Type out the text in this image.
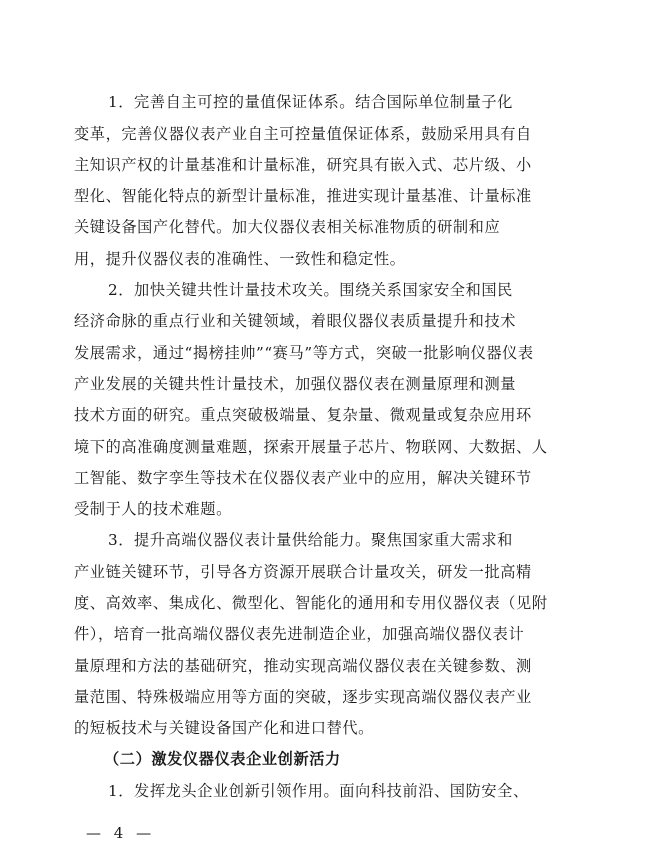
1．完善自主可控的量值保证体系。结合国际单位制量子化
变革，完善仪器仪表产业自主可控量值保证体系，鼓励采用具有自
主知识产权的计量基准和计量标准，研究具有嵌入式、芯片级、小
型化、智能化特点的新型计量标准，推进实现计量基准、计量标准
关键设备国产化替代。加大仪器仪表相关标准物质的研制和应
用，提升仪器仪表的准确性、一致性和稳定性。
2．加快关键共性计量技术攻关。围绕关系国家安全和国民
经济命脉的重点行业和关键领域，着眼仪器仪表质量提升和技术
发展需求，通过“揭榜挂帅”“赛马”等方式，突破一批影响仪器仪表
产业发展的关键共性计量技术，加强仪器仪表在测量原理和测量
技术方面的研究。重点突破极端量、复杂量、微观量或复杂应用环
境下的高准确度测量难题，探索开展量子芯片、物联网、大数据、人
工智能、数字孪生等技术在仪器仪表产业中的应用，解决关键环节
受制于人的技术难题。
3．提升高端仪器仪表计量供给能力。聚焦国家重大需求和
产业链关键环节，引导各方资源开展联合计量攻关，研发一批高精
度、高效率、集成化、微型化、智能化的通用和专用仪器仪表（见附
件），培育一批高端仪器仪表先进制造企业，加强高端仪器仪表计
量原理和方法的基础研究，推动实现高端仪器仪表在关键参数、测
量范围、特殊极端应用等方面的突破，逐步实现高端仪器仪表产业
的短板技术与关键设备国产化和进口替代。
（二）激发仪器仪表企业创新活力
1．发挥龙头企业创新引领作用。面向科技前沿、国防安全、
— 4 —
